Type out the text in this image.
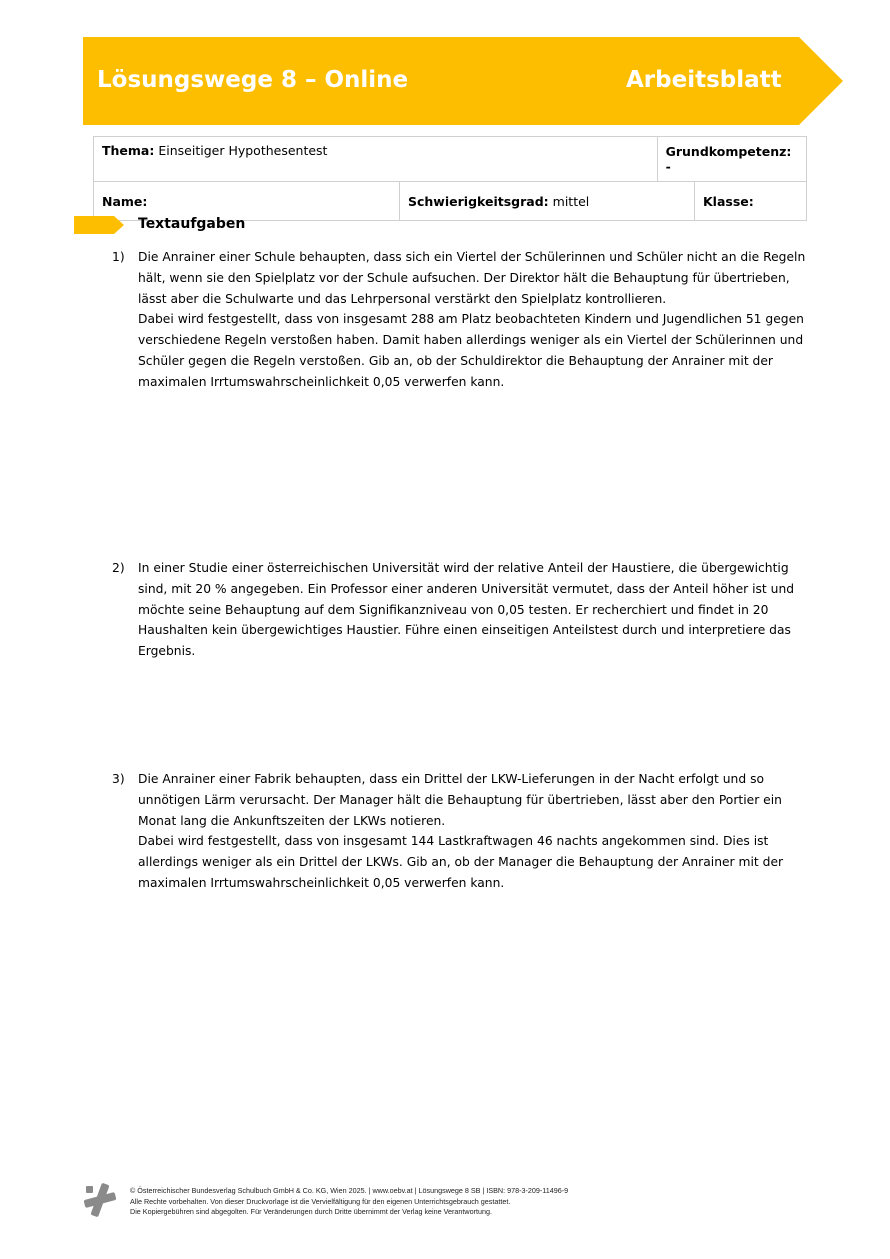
Lösungswege 8 – Online	Arbeitsblatt
Thema: Einseitiger Hypothesentest		Grundkompetenz: -	
Name:	Schwierigkeitsgrad: mittel		Klasse:
Textaufgaben
1) Die Anrainer einer Schule behaupten, dass sich ein Viertel der Schülerinnen und Schüler nicht an die Regeln hält, wenn sie den Spielplatz vor der Schule aufsuchen. Der Direktor hält die Behauptung für übertrieben, lässt aber die Schulwarte und das Lehrpersonal verstärkt den Spielplatz kontrollieren.

Dabei wird festgestellt, dass von insgesamt 288 am Platz beobachteten Kindern und Jugendlichen 51 gegen verschiedene Regeln verstoßen haben. Damit haben allerdings weniger als ein Viertel der Schülerinnen und Schüler gegen die Regeln verstoßen. Gib an, ob der Schuldirektor die Behauptung der Anrainer mit der maximalen Irrtumswahrscheinlichkeit 0,05 verwerfen kann.

2) In einer Studie einer österreichischen Universität wird der relative Anteil der Haustiere, die übergewichtig sind, mit 20 % angegeben. Ein Professor einer anderen Universität vermutet, dass der Anteil höher ist und möchte seine Behauptung auf dem Signifikanzniveau von 0,05 testen. Er recherchiert und findet in 20 Haushalten kein übergewichtiges Haustier. Führe einen einseitigen Anteilstest durch und interpretiere das Ergebnis.

3) Die Anrainer einer Fabrik behaupten, dass ein Drittel der LKW-Lieferungen in der Nacht erfolgt und so unnötigen Lärm verursacht. Der Manager hält die Behauptung für übertrieben, lässt aber den Portier ein Monat lang die Ankunftszeiten der LKWs notieren.

Dabei wird festgestellt, dass von insgesamt 144 Lastkraftwagen 46 nachts angekommen sind. Dies ist allerdings weniger als ein Drittel der LKWs. Gib an, ob der Manager die Behauptung der Anrainer mit der maximalen Irrtumswahrscheinlichkeit 0,05 verwerfen kann.

© Österreichischer Bundesverlag Schulbuch GmbH & Co. KG, Wien 2025. | www.oebv.at | Lösungswege 8 SB | ISBN: 978-3-209-11496-9
Alle Rechte vorbehalten. Von dieser Druckvorlage ist die Vervielfältigung für den eigenen Unterrichtsgebrauch gestattet.
Die Kopiergebühren sind abgegolten. Für Veränderungen durch Dritte übernimmt der Verlag keine Verantwortung.
